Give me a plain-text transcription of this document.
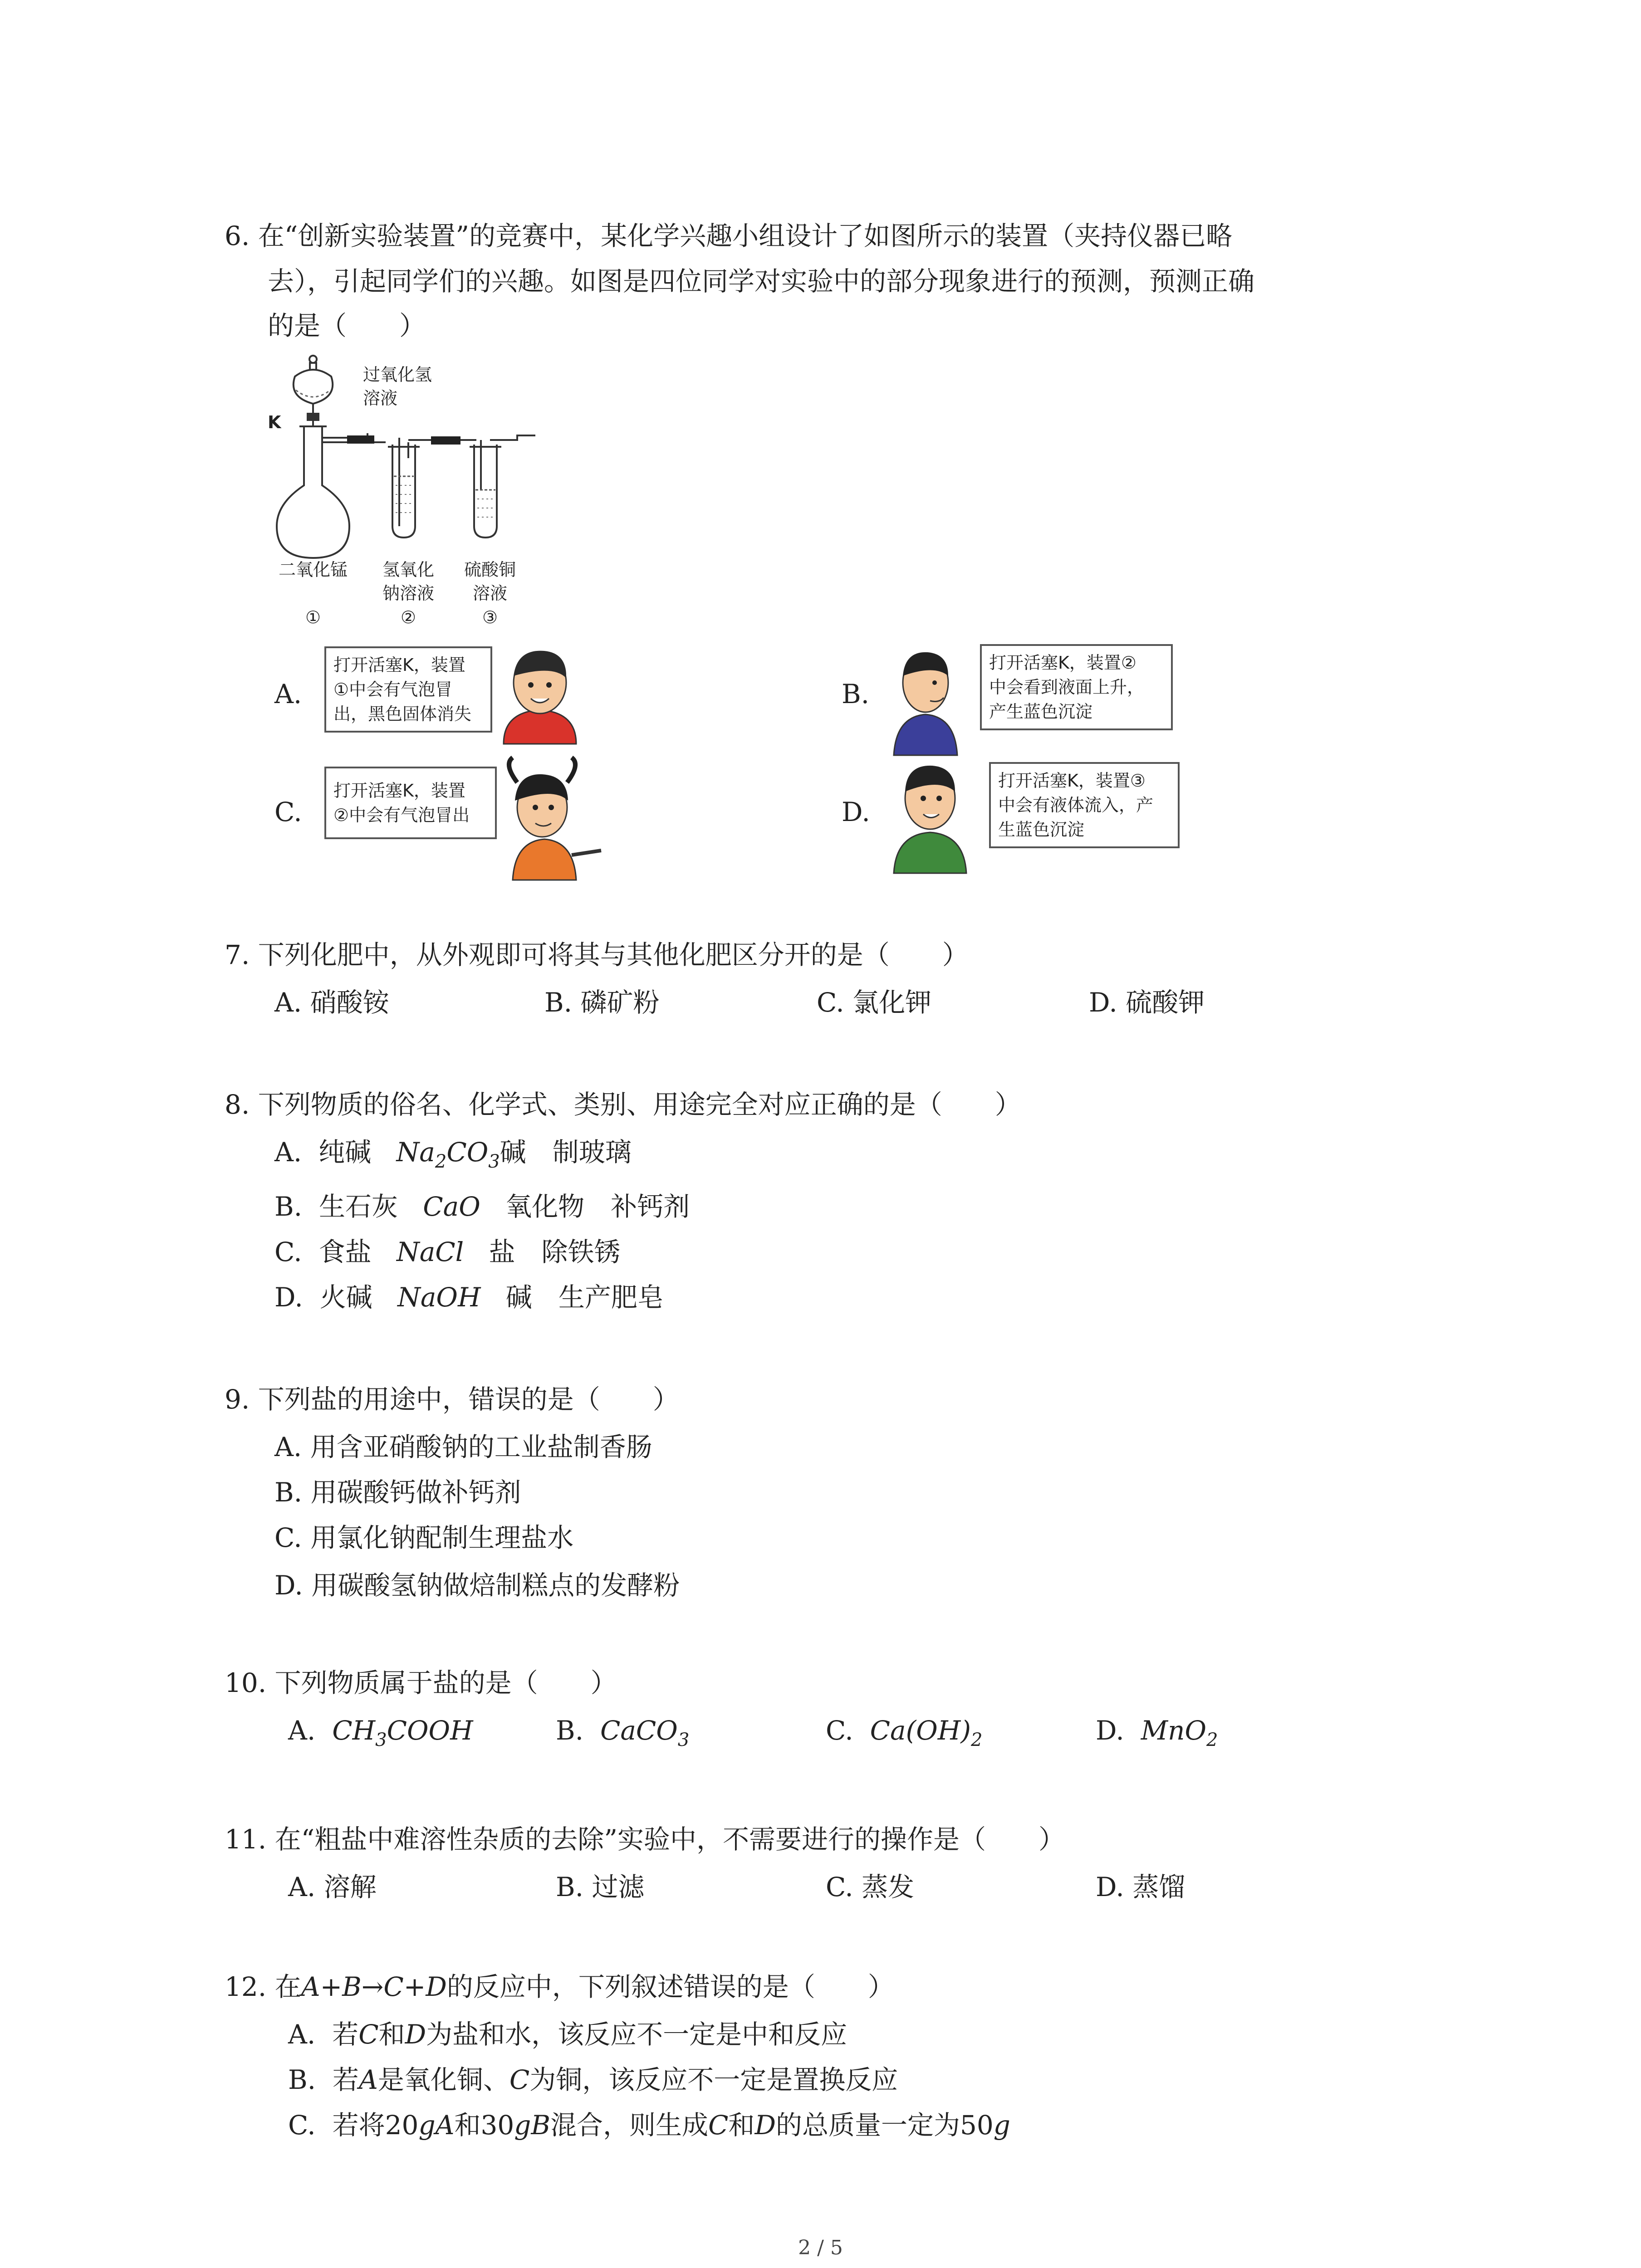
6. 在“创新实验装置”的竞赛中，某化学兴趣小组设计了如图所示的装置（夹持仪器已略
去），引起同学们的兴趣。如图是四位同学对实验中的部分现象进行的预测，预测正确
的是（　　）
过氧化氢
溶液
K
二氧化锰
①
氢氧化
钠溶液
②
硫酸铜
溶液
③
A.
打开活塞K，装置
①中会有气泡冒
出，黑色固体消失
B.
打开活塞K，装置②
中会看到液面上升，
产生蓝色沉淀
C.
打开活塞K，装置
②中会有气泡冒出	D.
打开活塞K，装置③
中会有液体流入，产
生蓝色沉淀
7. 下列化肥中，从外观即可将其与其他化肥区分开的是（　　）
A. 硝酸铵	B. 磷矿粉	C. 氯化钾	D. 硫酸钾
8. 下列物质的俗名、化学式、类别、用途完全对应正确的是（　　）
A. 纯碱 $Na_2CO_3$碱　制玻璃
B. 生石灰 CaO 氧化物　补钙剂
C. 食盐 NaCl 盐　除铁锈
D. 火碱 NaOH 碱　生产肥皂
9. 下列盐的用途中，错误的是（　　）
A. 用含亚硝酸钠的工业盐制香肠
B. 用碳酸钙做补钙剂
C. 用氯化钠配制生理盐水
D. 用碳酸氢钠做焙制糕点的发酵粉
10. 下列物质属于盐的是（　　）
A. $CH_3COOH$	B. CaCO$_3$	C. $Ca(OH)_2$	D. MnO$_2$
11. 在“粗盐中难溶性杂质的去除”实验中，不需要进行的操作是（　　）
A. 溶解	B. 过滤	C. 蒸发	D. 蒸馏
12. 在A+B→C+D的反应中，下列叙述错误的是（　　）
A. 若C和D为盐和水，该反应不一定是中和反应
B. 若A是氧化铜、C为铜，该反应不一定是置换反应
C. 若将20gA和30gB混合，则生成C和D的总质量一定为50g
2 / 5
